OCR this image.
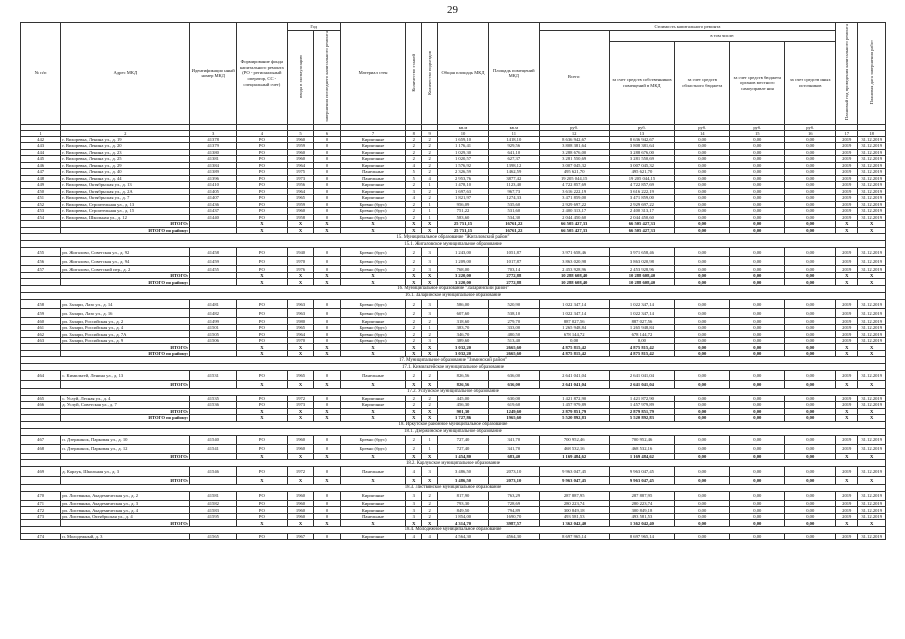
29
№ п/п	Адрес МКД	Идентификацио нный номер МКД	Формирование фонда капитального ремонта (РО - региональный оператор, СС - специальный счет)	Год		Материал стен	Количество этажей	Количество подъездов	Общая площадь МКД	Площадь помещений МКД	Стоимость капитального ремонта					Плановый год проведения капитального ремонта	Плановая дата завершения работ
				ввода в эксплуатацию	завершения последнего капитального ремонта						Всего:	в том числе:					
												за счет средств собственников помещений в МКД	за счет средств областного бюджета	за счет средств бюджета органов местного самоуправле ния	за счет средств иных источников		
									кв.м	кв.м	руб.	руб.	руб.	руб.	руб.		
1	2	3	4	5	6	7	8	9	10	11	12	13	14	15	16	17	18
442	г. Вихоревка, Ленина ул., д. 19	41378	РО	1960	0	Кирпичные	2	2	1 659,10	1418,10	8 636 942,67	8 636 942,67	0,00	0,00	0,00	2019	31.12.2019
443	г. Вихоревка, Ленина ул., д. 20	41379	РО	1959	0	Кирпичные	2	2	1 176,41	929,56	3 808 381,64	3 808 381,64	0,00	0,00	0,00	2019	31.12.2019
444	г. Вихоревка, Ленина ул., д. 23	41380	РО	1960	0	Кирпичные	2	2	1 029,30	641,10	3 288 676,00	3 288 676,00	0,00	0,00	0,00	2019	31.12.2019
445	г. Вихоревка, Ленина ул., д. 25	41381	РО	1960	0	Кирпичные	2	2	1 020,57	627,37	3 281 550,69	3 281 550,69	0,00	0,00	0,00	2019	31.12.2019
446	г. Вихоревка, Ленина ул., д. 29	41384	РО	1964	0	Кирпичные	4	2	1 576,92	1398,12	3 007 045,32	3 007 045,32	0,00	0,00	0,00	2019	31.12.2019
447	г. Вихоревка, Ленина ул., д. 40	41389	РО	1975	0	Панельные	5	2	2 326,59	1462,59	495 621,70	495 621,70	0,00	0,00	0,00	2019	31.12.2019
448	г. Вихоревка, Ленина ул., д. 44	41396	РО	1973	0	Панельные	5	4	2 953,76	3877,42	19 205 044,15	19 205 044,15	0,00	0,00	0,00	2019	31.12.2019
449	г. Вихоревка, Октябрьская ул., д. 13	41410	РО	1956	0	Кирпичные	2	1	1 478,10	1123,40	4 722 857,69	4 722 857,69	0,00	0,00	0,00	2019	31.12.2019
450	г. Вихоревка, Октябрьская ул., д. 2А	41405	РО	1964	0	Кирпичные	3	2	1 697,63	967,73	3 616 222,19	3 616 222,19	0,00	0,00	0,00	2019	31.12.2019
451	г. Вихоревка, Октябрьская ул., д. 7	41407	РО	1965	0	Кирпичные	4	2	1 821,97	1274,33	3 471 859,00	3 471 859,00	0,00	0,00	0,00	2019	31.12.2019
452	г. Вихоревка, Строительная ул., д. 13	41436	РО	1959	0	Бревно (брус)	2	1	956,09	535,60	2 929 697,22	2 929 697,22	0,00	0,00	0,00	2019	31.12.2019
453	г. Вихоревка, Строительная ул., д. 15	41437	РО	1960	0	Бревно (брус)	2	1	751,22	531,60	2 400 313,17	2 400 313,17	0,00	0,00	0,00	2019	31.12.2019
454	г. Вихоревка, Школьная ул., д. 12	41440	РО	1958	0	Бревно (брус)	2	1	583,60	534,30	2 044 450,60	2 044 450,60	0,00	0,00	0,00	2019	31.12.2019
	ИТОГО:		X	X	X	X	X	X	25 751,15	16761,22	66 505 427,33	66 505 427,33	0,00	0,00	0,00	X	X
	ИТОГО по району:		X	X	X	X	X	X	25 751,15	16761,22	66 505 427,33	66 505 427,33	0,00	0,00	0,00	X	X
15. Муниципальное образование "Жигаловский район"																	
15.1. Жигаловское муниципальное образование																	
455	рп. Жигалово, Советская ул., д. 92	41458	РО	1940	0	Бревно (брус)	2	3	1 243,00	1051,87	3 971 658,46	3 971 658,46	0,00	0,00	0,00	2019	31.12.2019
456	рп. Жигалово, Советская ул., д. 94	41459	РО	1970	0	Бревно (брус)	2	3	1 209,00	1017,87	3 863 020,98	3 863 020,98	0,00	0,00	0,00	2019	31.12.2019
457	рп. Жигалово, Советский пер., д. 2	41455	РО	1976	0	Бревно (брус)	2	3	768,00	703,14	2 453 928,96	2 453 928,96	0,00	0,00	0,00	2019	31.12.2019
	ИТОГО:		X	X	X	X	X	X	3 220,00	2772,88	10 288 608,40	10 288 608,40	0,00	0,00	0,00	X	X
	ИТОГО по району:		X	X	X	X	X	X	3 220,00	2772,88	10 288 608,40	10 288 608,40	0,00	0,00	0,00	X	X
16. Муниципальное образование "Заларинский район"																	
16.1. Заларинское муниципальное образование																	
458	рп. Залари, Лазо ул., д. 14	41481	РО	1963	0	Бревно (брус)	2	3	586,00	520,90	1 022 347,14	1 022 347,14	0,00	0,00	0,00	2019	31.12.2019
459	рп. Залари, Лазо ул., д. 16	41482	РО	1963	0	Бревно (брус)	2	3	607,60	538,10	1 022 347,14	1 022 347,14	0,00	0,00	0,00	2019	31.12.2019
460	рп. Залари, Российская ул., д. 2	41499	РО	1980	0	Кирпичные	2	2	318,60	279,70	887 027,56	887 027,56	0,00	0,00	0,00	2019	31.12.2019
461	рп. Залари, Российская ул., д. 4	41501	РО	1965	0	Бревно (брус)	2	1	383,70	333,00	1 265 948,84	1 265 948,84	0,00	0,00	0,00	2019	31.12.2019
462	рп. Залари, Российская ул., д. 7А	41505	РО	1964	0	Бревно (брус)	2	2	346,70	480,50	678 144,72	678 144,72	0,00	0,00	0,00	2019	31.12.2019
463	рп. Залари, Российская ул., д. 9	41506	РО	1970	0	Бревно (брус)	2	3	389,60	513,40	0,00	0,00	0,00	0,00	0,00	2019	31.12.2019
	ИТОГО:		X	X	X	X	X	X	3 032,20	2665,60	4 875 815,42	4 875 815,42	0,00	0,00	0,00	X	X
	ИТОГО по району:		X	X	X	X	X	X	3 032,20	2665,60	4 875 815,42	4 875 815,42	0,00	0,00	0,00	X	X
17. Муниципальное образование "Зиминский район"																	
17.1. Кимильтейское муниципальное образование																	
464	с. Кимильтей, Ленина ул., д. 13	41531	РО	1965	0	Панельные	2	2	826,56	636,00	2 641 041,04	2 641 041,04	0,00	0,00	0,00	2019	31.12.2019
	ИТОГО:		X	X	X	X	X	X	826,56	636,00	2 641 041,04	2 641 041,04	0,00	0,00	0,00	X	X
17.2. Услуйское муниципальное образование																	
465	с. Услуй, Лесная ул., д. 4	41535	РО	1972	0	Кирпичные	2	2	445,00	630,00	1 421 872,90	1 421 872,90	0,00	0,00	0,00	2019	31.12.2019
466	д. Услуй, Советская ул., д. 7	41536	РО	1973	0	Кирпичные	2	2	456,30	619,60	1 457 979,89	1 457 979,89	0,00	0,00	0,00	2019	31.12.2019
	ИТОГО:		X	X	X	X	X	X	901,30	1249,60	2 879 851,79	2 879 851,79	0,00	0,00	0,00	X	X
	ИТОГО по району:		X	X	X	X	X	X	1 727,86	1965,60	5 520 892,83	5 520 892,83	0,00	0,00	0,00	X	X
18. Иркутское районное муниципальное образование																	
18.1. Дзержинское муниципальное образование																	
467	п. Дзержинск, Парковая ул., д. 10	41540	РО	1960	0	Бревно (брус)	2	1	727,40	341,70	700 952,46	700 952,46	0,00	0,00	0,00	2019	31.12.2019
468	п. Дзержинск, Парковая ул., д. 12	41541	РО	1960	0	Бревно (брус)	2	1	727,40	341,70	468 532,16	468 532,16	0,00	0,00	0,00	2019	31.12.2019
	ИТОГО:		X	X	X	X	X	X	1 454,80	683,40	1 169 484,62	1 169 484,62	0,00	0,00	0,00	X	X
18.2. Карлукское муниципальное образование																	
469	д. Карлук, Школьная ул., д. 3	41546	РО	1972	0	Панельные	4	3	3 486,50	2073,10	9 963 047,45	9 963 047,45	0,00	0,00	0,00	2019	31.12.2019
	ИТОГО:		X	X	X	X	X	X	3 486,50	2073,10	9 963 047,45	9 963 047,45	0,00	0,00	0,00	X	X
18.3. Листвянское муниципальное образование																	
470	рп. Листвянка, Академическая ул., д. 2	41581	РО	1960	0	Кирпичные	3	2	817,90	763,29	287 887,95	287 887,95	0,00	0,00	0,00	2019	31.12.2019
471	рп. Листвянка, Академическая ул., д. 3	41582	РО	1960	0	Кирпичные	3	2	793,30	728,69	280 223,74	280 223,74	0,00	0,00	0,00	2019	31.12.2019
472	рп. Листвянка, Академическая ул., д. 4	41583	РО	1960	0	Кирпичные	3	2	849,50	794,89	300 849,18	300 849,18	0,00	0,00	0,00	2019	31.12.2019
473	рп. Листвянка, Октябрьская ул., д. 4	41595	РО	1960	0	Панельные	3	2	1 854,00	1690,70	493 581,53	493 581,53	0,00	0,00	0,00	2019	31.12.2019
	ИТОГО:		X	X	X	X	X	X	4 314,70	3987,57	1 362 042,40	1 362 042,40	0,00	0,00	0,00	X	X
18.4. Молодежное муниципальное образование																	
474	п. Молодежный, д. 3	41565	РО	1967	0	Кирпичные	4	4	4 564,30	4564,30	8 697 965,14	8 697 965,14	0,00	0,00	0,00	2019	31.12.2019
